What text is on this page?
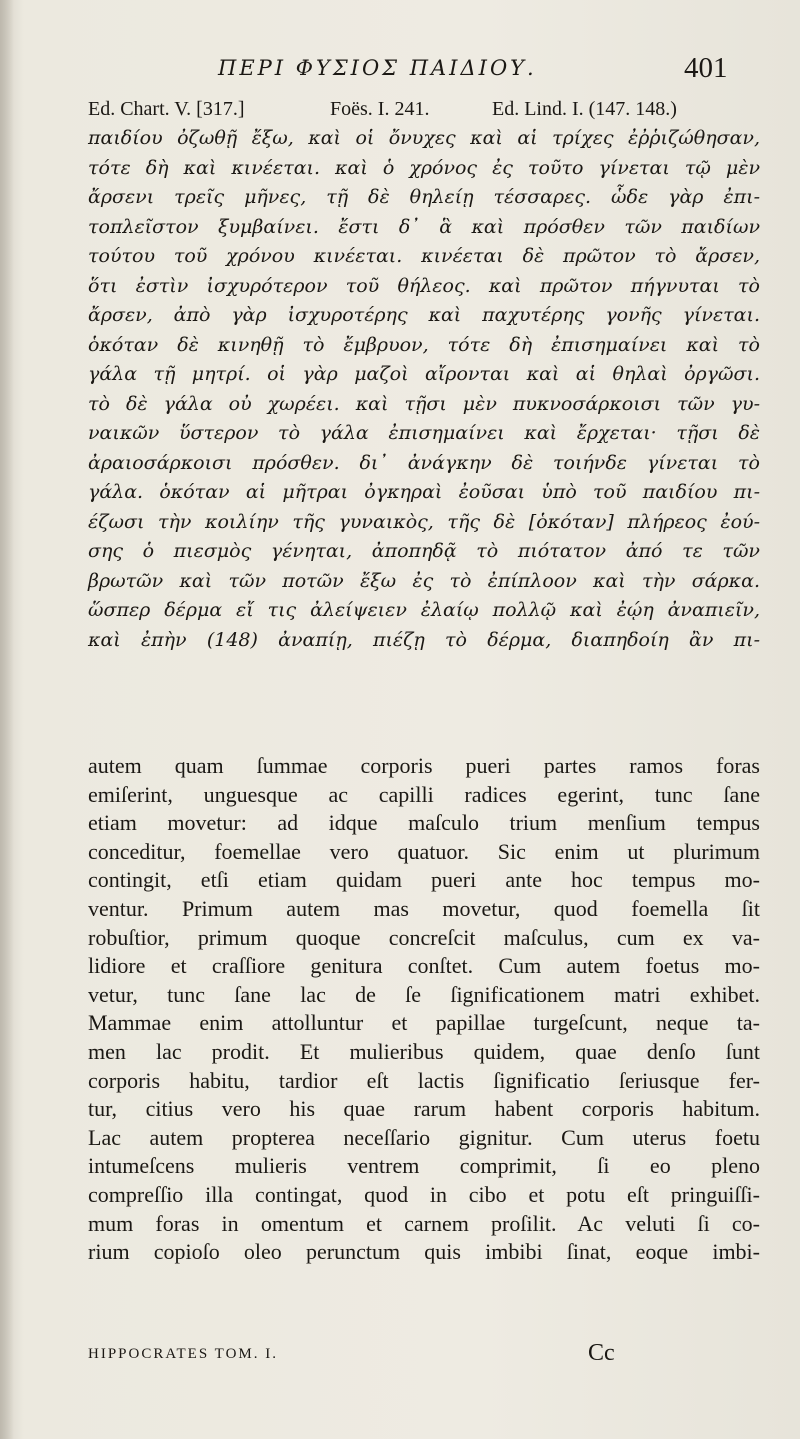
ΠΕΡΙ ΦΥΣΙΟΣ ΠΑΙΔΙΟΥ.	401
Ed. Chart. V. [317.]	Foës. I. 241.	Ed. Lind. I. (147. 148.)
παιδίου ὀζωθῇ ἔξω, καὶ οἱ ὄνυχες καὶ αἱ τρίχες ἐῤῥιζώθησαν,
τότε δὴ καὶ κινέεται. καὶ ὁ χρόνος ἐς τοῦτο γίνεται τῷ μὲν
ἄρσενι τρεῖς μῆνες, τῇ δὲ θηλείῃ τέσσαρες. ὧδε γὰρ ἐπι-
τοπλεῖστον ξυμβαίνει. ἔστι δ᾽ ἃ καὶ πρόσθεν τῶν παιδίων
τούτου τοῦ χρόνου κινέεται. κινέεται δὲ πρῶτον τὸ ἄρσεν,
ὅτι ἐστὶν ἰσχυρότερον τοῦ θήλεος. καὶ πρῶτον πήγνυται τὸ
ἄρσεν, ἀπὸ γὰρ ἰσχυροτέρης καὶ παχυτέρης γονῆς γίνεται.
ὁκόταν δὲ κινηθῇ τὸ ἔμβρυον, τότε δὴ ἐπισημαίνει καὶ τὸ
γάλα τῇ μητρί. οἱ γὰρ μαζοὶ αἴρονται καὶ αἱ θηλαὶ ὀργῶσι.
τὸ δὲ γάλα οὐ χωρέει. καὶ τῇσι μὲν πυκνοσάρκοισι τῶν γυ-
ναικῶν ὕστερον τὸ γάλα ἐπισημαίνει καὶ ἔρχεται· τῇσι δὲ
ἀραιοσάρκοισι πρόσθεν. δι᾽ ἀνάγκην δὲ τοιήνδε γίνεται τὸ
γάλα. ὁκόταν αἱ μῆτραι ὀγκηραὶ ἐοῦσαι ὑπὸ τοῦ παιδίου πι-
έζωσι τὴν κοιλίην τῆς γυναικὸς, τῆς δὲ [ὁκόταν] πλήρεος ἐού-
σης ὁ πιεσμὸς γένηται, ἀποπηδᾷ τὸ πιότατον ἀπό τε τῶν
βρωτῶν καὶ τῶν ποτῶν ἔξω ἐς τὸ ἐπίπλοον καὶ τὴν σάρκα.
ὥσπερ δέρμα εἴ τις ἀλείψειεν ἐλαίῳ πολλῷ καὶ ἐῴη ἀναπιεῖν,
καὶ ἐπὴν (148) ἀναπίῃ, πιέζῃ τὸ δέρμα, διαπηδοίη ἂν πι-
autem quam ſummae corporis pueri partes ramos foras
emiſerint, unguesque ac capilli radices egerint, tunc ſane
etiam movetur: ad idque maſculo trium menſium tempus
conceditur, foemellae vero quatuor. Sic enim ut plurimum
contingit, etſi etiam quidam pueri ante hoc tempus mo-
ventur. Primum autem mas movetur, quod foemella ſit
robuſtior, primum quoque concreſcit maſculus, cum ex va-
lidiore et craſſiore genitura conſtet. Cum autem foetus mo-
vetur, tunc ſane lac de ſe ſignificationem matri exhibet.
Mammae enim attolluntur et papillae turgeſcunt, neque ta-
men lac prodit. Et mulieribus quidem, quae denſo ſunt
corporis habitu, tardior eſt lactis ſignificatio ſeriusque fer-
tur, citius vero his quae rarum habent corporis habitum.
Lac autem propterea neceſſario gignitur. Cum uterus foetu
intumeſcens mulieris ventrem comprimit, ſi eo pleno
compreſſio illa contingat, quod in cibo et potu eſt pringuiſſi-
mum foras in omentum et carnem proſilit. Ac veluti ſi co-
rium copioſo oleo perunctum quis imbibi ſinat, eoque imbi-
HIPPOCRATES TOM. I.	Cc
